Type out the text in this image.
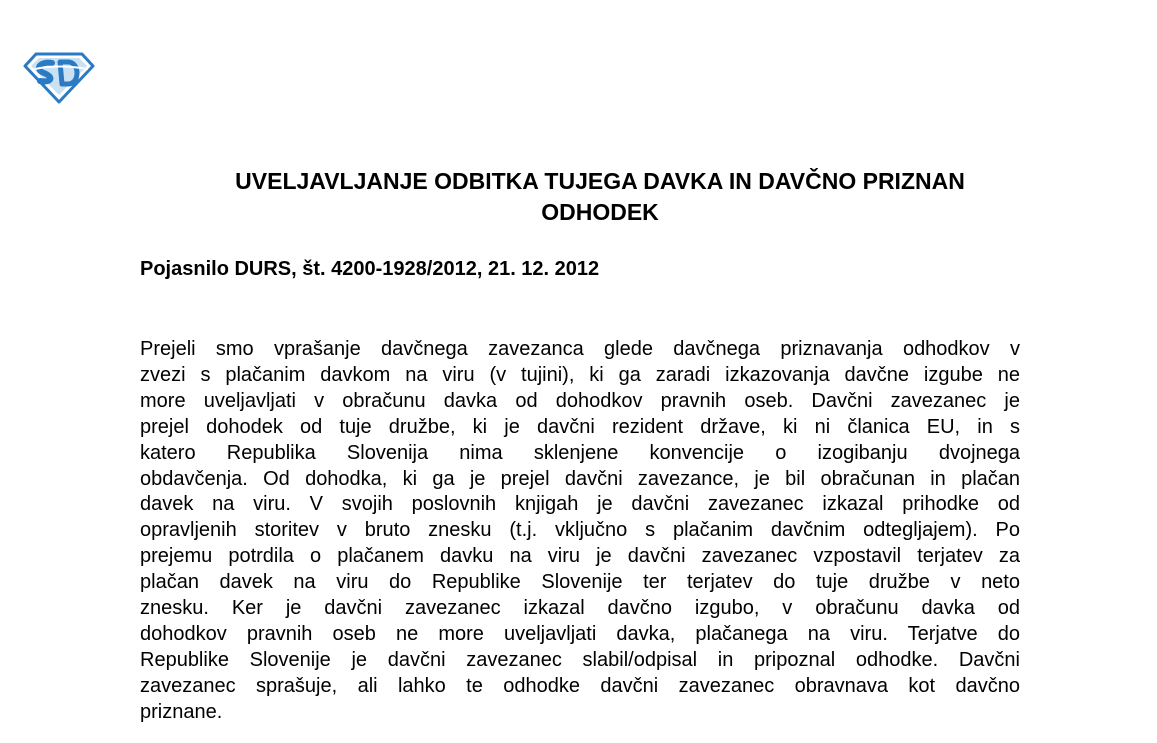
UVELJAVLJANJE ODBITKA TUJEGA DAVKA IN DAVČNO PRIZNAN
ODHODEK
Pojasnilo DURS, št. 4200-1928/2012, 21. 12. 2012
Prejeli smo vprašanje davčnega zavezanca glede davčnega priznavanja odhodkov v
zvezi s plačanim davkom na viru (v tujini), ki ga zaradi izkazovanja davčne izgube ne
more uveljavljati v obračunu davka od dohodkov pravnih oseb. Davčni zavezanec je
prejel dohodek od tuje družbe, ki je davčni rezident države, ki ni članica EU, in s
katero Republika Slovenija nima sklenjene konvencije o izogibanju dvojnega
obdavčenja. Od dohodka, ki ga je prejel davčni zavezance, je bil obračunan in plačan
davek na viru. V svojih poslovnih knjigah je davčni zavezanec izkazal prihodke od
opravljenih storitev v bruto znesku (t.j. vključno s plačanim davčnim odtegljajem). Po
prejemu potrdila o plačanem davku na viru je davčni zavezanec vzpostavil terjatev za
plačan davek na viru do Republike Slovenije ter terjatev do tuje družbe v neto
znesku. Ker je davčni zavezanec izkazal davčno izgubo, v obračunu davka od
dohodkov pravnih oseb ne more uveljavljati davka, plačanega na viru. Terjatve do
Republike Slovenije je davčni zavezanec slabil/odpisal in pripoznal odhodke. Davčni
zavezanec sprašuje, ali lahko te odhodke davčni zavezanec obravnava kot davčno
priznane.
